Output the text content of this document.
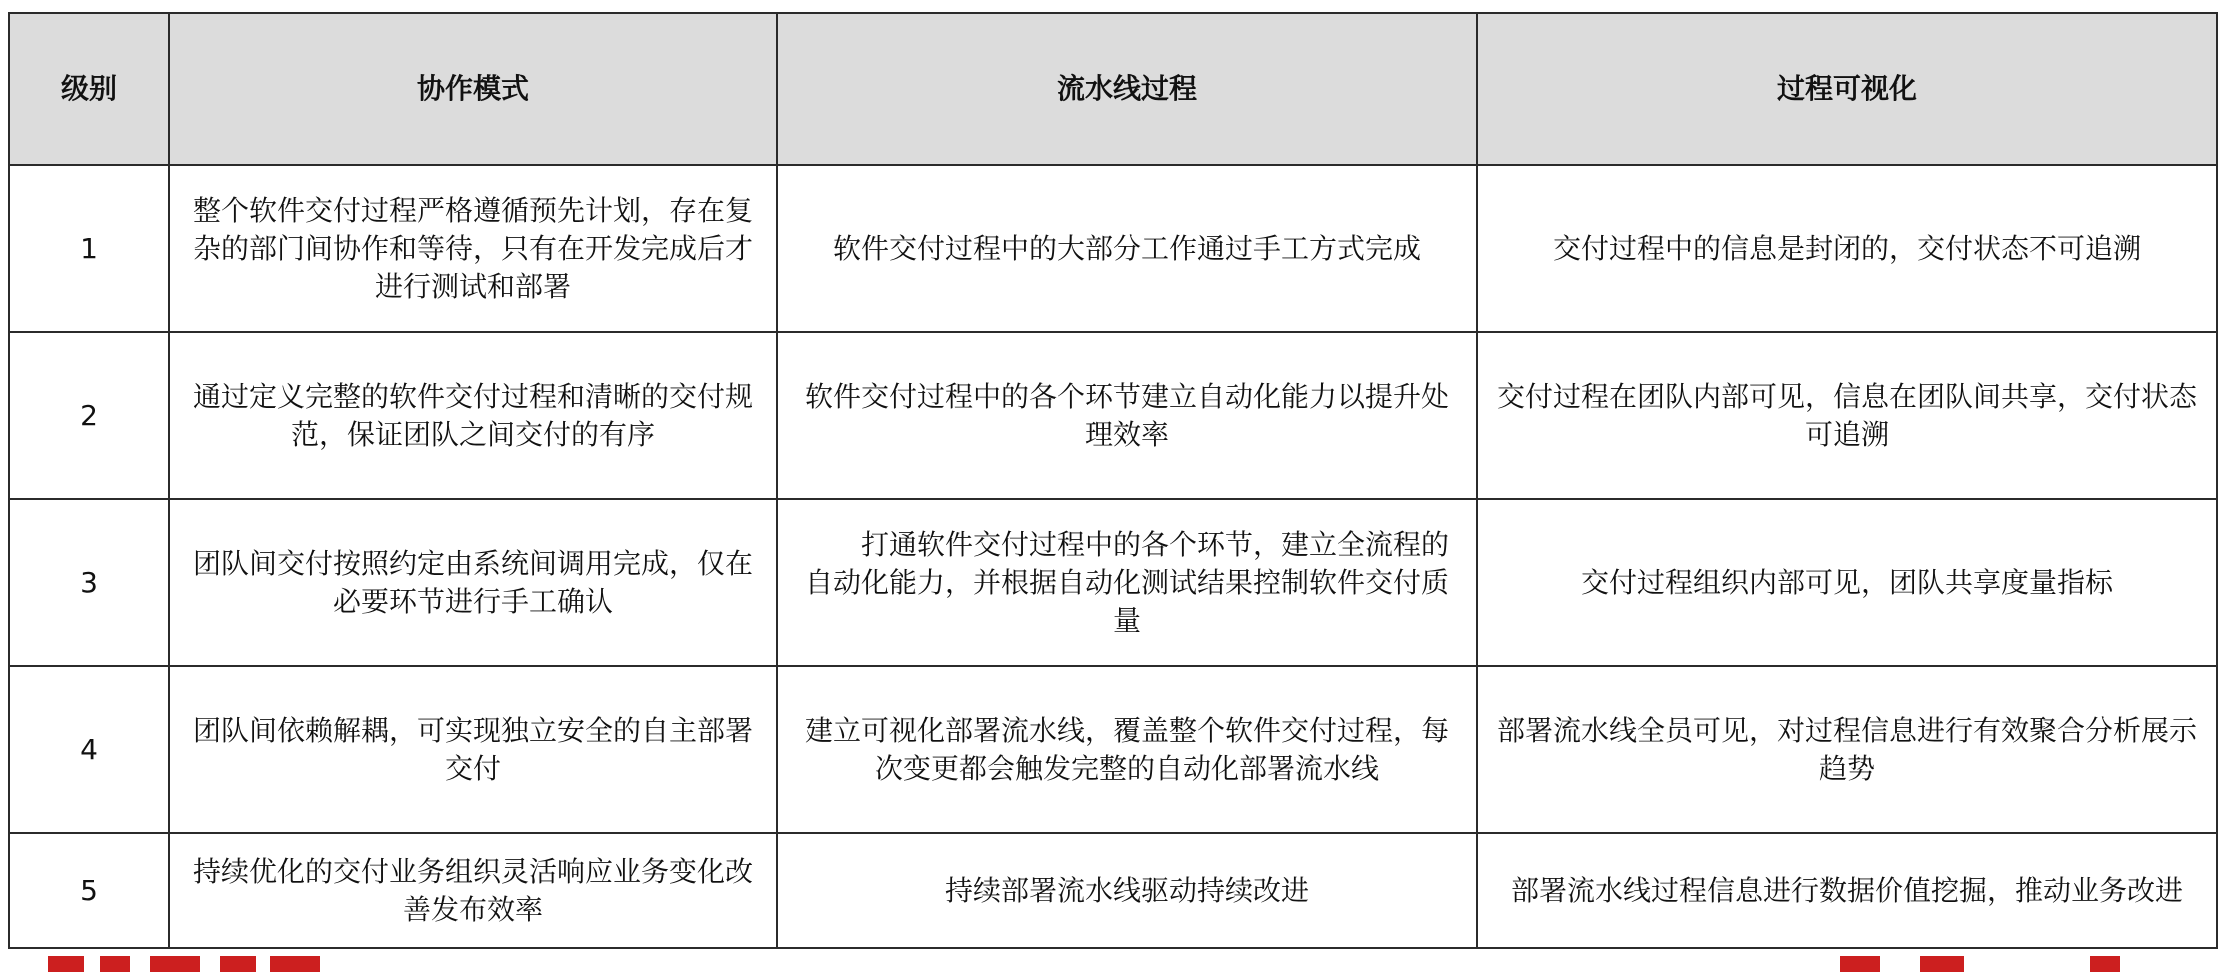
级别	协作模式	流水线过程	过程可视化
1	整个软件交付过程严格遵循预先计划，存在复杂的部门间协作和等待，只有在开发完成后才进行测试和部署	软件交付过程中的大部分工作通过手工方式完成	交付过程中的信息是封闭的，交付状态不可追溯
2	通过定义完整的软件交付过程和清晰的交付规范，保证团队之间交付的有序	软件交付过程中的各个环节建立自动化能力以提升处理效率	交付过程在团队内部可见，信息在团队间共享，交付状态可追溯
3	团队间交付按照约定由系统间调用完成，仅在必要环节进行手工确认	打通软件交付过程中的各个环节，建立全流程的自动化能力，并根据自动化测试结果控制软件交付质量	交付过程组织内部可见，团队共享度量指标
4	团队间依赖解耦，可实现独立安全的自主部署交付	建立可视化部署流水线，覆盖整个软件交付过程，每次变更都会触发完整的自动化部署流水线	部署流水线全员可见，对过程信息进行有效聚合分析展示趋势
5	持续优化的交付业务组织灵活响应业务变化改善发布效率	持续部署流水线驱动持续改进	部署流水线过程信息进行数据价值挖掘，推动业务改进
